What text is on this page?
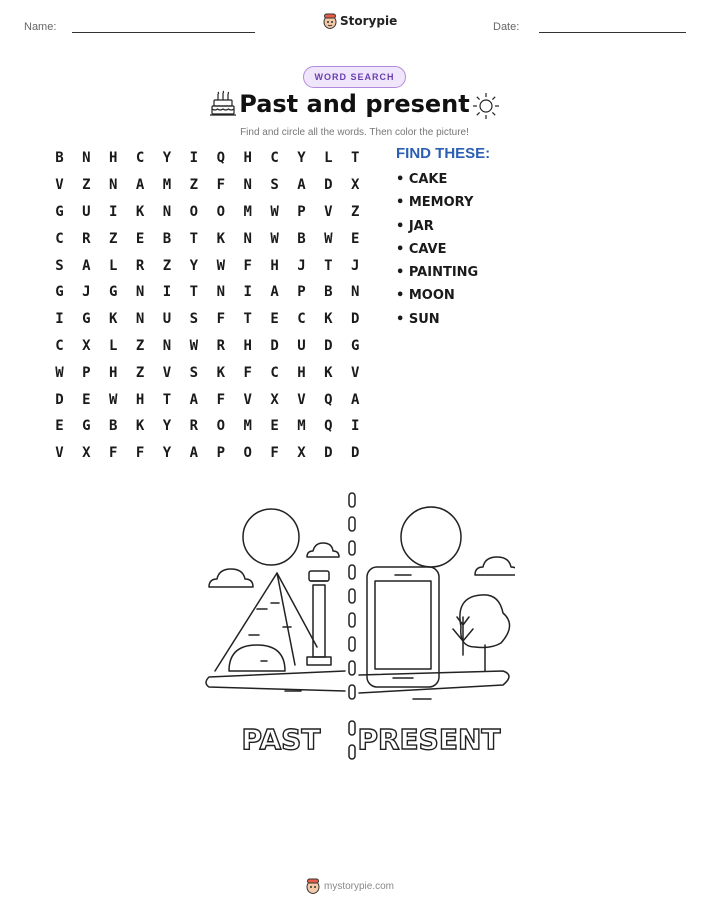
Name:	Storypie	Date:
WORD SEARCH
Past and present
Find and circle all the words. Then color the picture!
B	N	H	C	Y	I	Q	H	C	Y	L	T
V	Z	N	A	M	Z	F	N	S	A	D	X
G	U	I	K	N	O	O	M	W	P	V	Z
C	R	Z	E	B	T	K	N	W	B	W	E
S	A	L	R	Z	Y	W	F	H	J	T	J
G	J	G	N	I	T	N	I	A	P	B	N
I	G	K	N	U	S	F	T	E	C	K	D
C	X	L	Z	N	W	R	H	D	U	D	G
W	P	H	Z	V	S	K	F	C	H	K	V
D	E	W	H	T	A	F	V	X	V	Q	A
E	G	B	K	Y	R	O	M	E	M	Q	I
V	X	F	F	Y	A	P	O	F	X	D	D
FIND THESE:
• CAKE
• MEMORY
• JAR
• CAVE
• PAINTING
• MOON
• SUN
PAST PRESENT
mystorypie.com
